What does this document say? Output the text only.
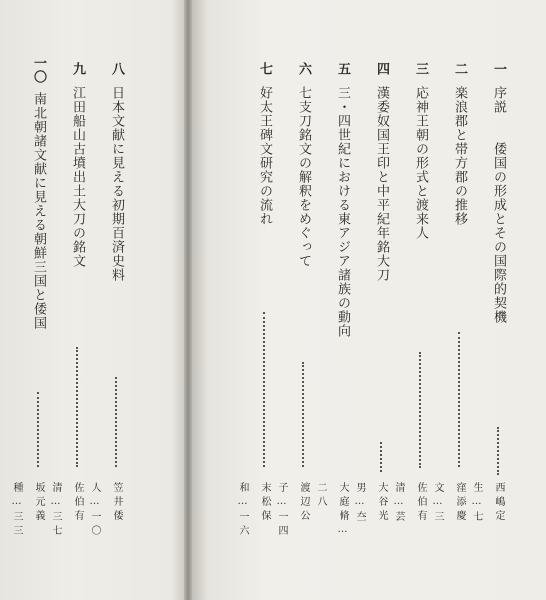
一
序説
倭国の形成とその国際的契機
西嶋定生…七
二
楽浪郡と帯方郡の推移
窪添慶文…三
三
応神王朝の形式と渡来人
佐伯有清…芸
四
漢委奴国王印と中平紀年銘大刀
大谷光男…夳
五
三・四世紀における東アジア諸族の動向
大庭脩…二八
六
七支刀銘文の解釈をめぐって
渡辺公子…一四
七
好太王碑文研究の流れ
末松保和…一六
八
日本文献に見える初期百済史料
笠井倭人…一〇
九
江田船山古墳出土大刀の銘文
佐伯有清…三七
一〇
南北朝諸文献に見える朝鮮三国と倭国
坂元義種…三三
